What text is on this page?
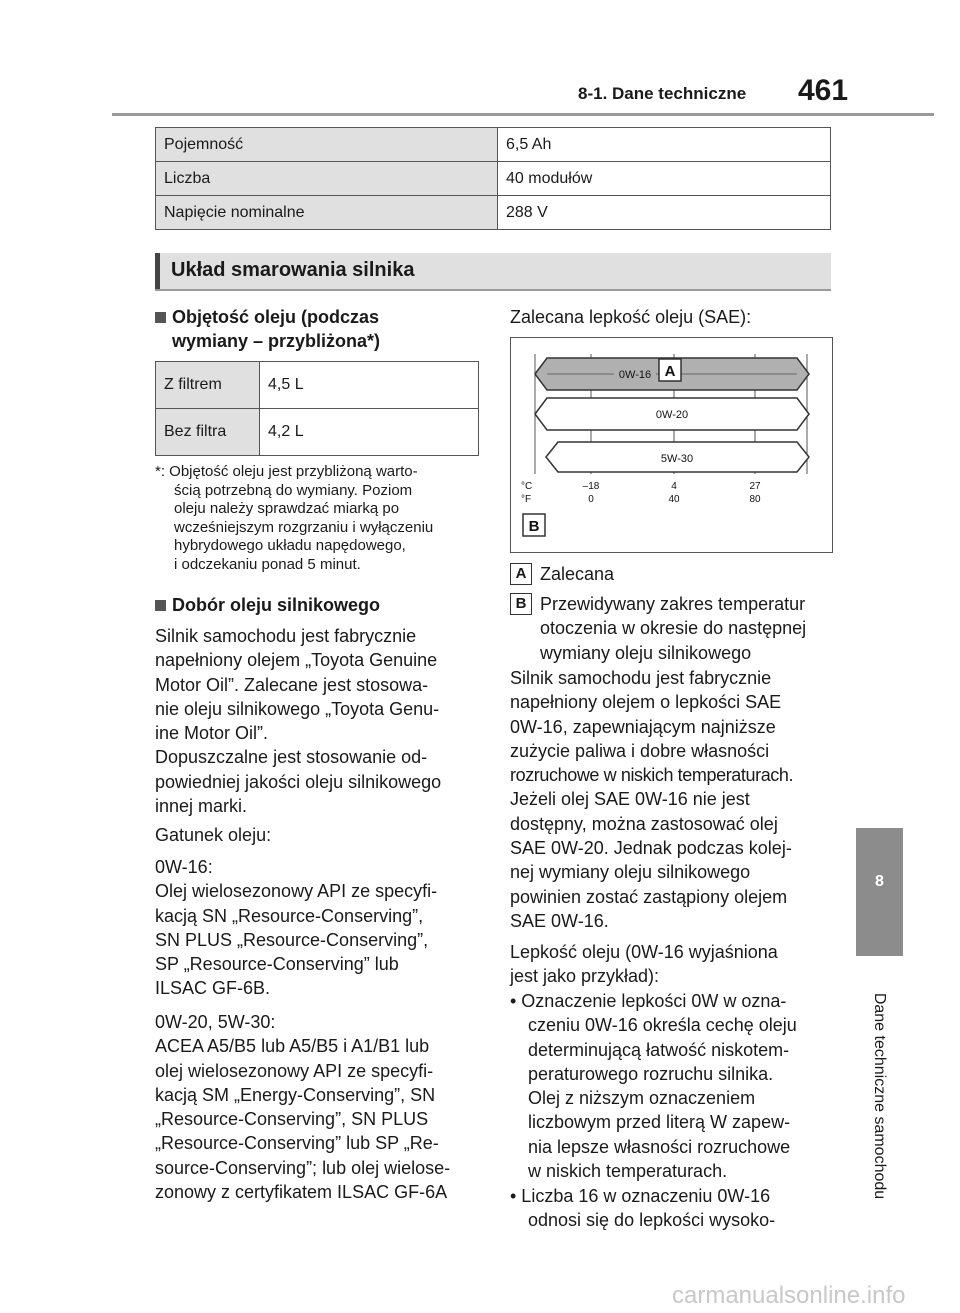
8-1. Dane techniczne 461
8
Dane techniczne samochodu
Pojemność	6,5 Ah
Liczba	40 modułów
Napięcie nominalne	288 V
Układ smarowania silnika
Objętość oleju (podczas
wymiany – przybliżona*)
Z filtrem	4,5 L
Bez filtra	4,2 L
*: Objętość oleju jest przybliżoną warto-
ścią potrzebną do wymiany. Poziom
oleju należy sprawdzać miarką po
wcześniejszym rozgrzaniu i wyłączeniu
hybrydowego układu napędowego,
i odczekaniu ponad 5 minut.
Dobór oleju silnikowego
Silnik samochodu jest fabrycznie
napełniony olejem „Toyota Genuine
Motor Oil”. Zalecane jest stosowa-
nie oleju silnikowego „Toyota Genu-
ine Motor Oil”.
Dopuszczalne jest stosowanie od-
powiedniej jakości oleju silnikowego
innej marki.
Gatunek oleju:
0W-16:
Olej wielosezonowy API ze specyfi-
kacją SN „Resource-Conserving”,
SN PLUS „Resource-Conserving”,
SP „Resource-Conserving” lub
ILSAC GF-6B.
0W-20, 5W-30:
ACEA A5/B5 lub A5/B5 i A1/B1 lub
olej wielosezonowy API ze specyfi-
kacją SM „Energy-Conserving”, SN
„Resource-Conserving”, SN PLUS
„Resource-Conserving” lub SP „Re-
source-Conserving”; lub olej wielose-
zonowy z certyfikatem ILSAC GF-6A
Zalecana lepkość oleju (SAE):
0W-16 A
0W-20
5W-30
°C
°F
–18	4	27
0	40	80
B
A Zalecana
B Przewidywany zakres temperatur
otoczenia w okresie do następnej
wymiany oleju silnikowego
Silnik samochodu jest fabrycznie
napełniony olejem o lepkości SAE
0W-16, zapewniającym najniższe
zużycie paliwa i dobre własności
rozruchowe w niskich temperaturach.
Jeżeli olej SAE 0W-16 nie jest
dostępny, można zastosować olej
SAE 0W-20. Jednak podczas kolej-
nej wymiany oleju silnikowego
powinien zostać zastąpiony olejem
SAE 0W-16.
Lepkość oleju (0W-16 wyjaśniona
jest jako przykład):
• Oznaczenie lepkości 0W w ozna-
czeniu 0W-16 określa cechę oleju
determinującą łatwość niskotem-
peraturowego rozruchu silnika.
Olej z niższym oznaczeniem
liczbowym przed literą W zapew-
nia lepsze własności rozruchowe
w niskich temperaturach.
• Liczba 16 w oznaczeniu 0W-16
odnosi się do lepkości wysoko-
carmanualsonline.info
